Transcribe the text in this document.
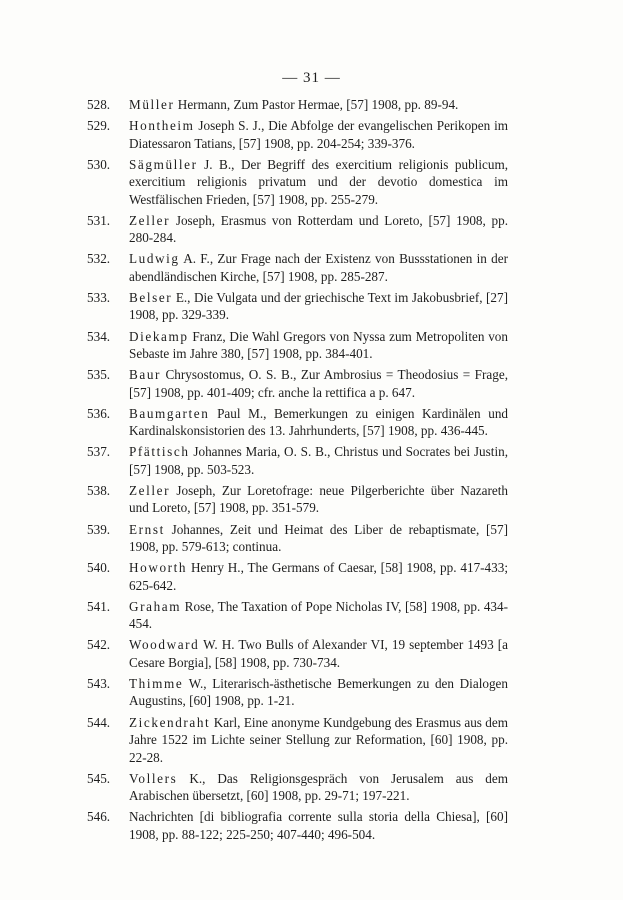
— 31 —
528.	Müller Hermann, Zum Pastor Hermae, [57] 1908, pp. 89-94.
529.	Hontheim Joseph S. J., Die Abfolge der evangelischen Perikopen im Diatessaron Tatians, [57] 1908, pp. 204-254; 339-376.
530.	Sägmüller J. B., Der Begriff des exercitium religionis publicum, exercitium religionis privatum und der devotio domestica im Westfälischen Frieden, [57] 1908, pp. 255-279.
531.	Zeller Joseph, Erasmus von Rotterdam und Loreto, [57] 1908, pp. 280-284.
532.	Ludwig A. F., Zur Frage nach der Existenz von Bussstationen in der abendländischen Kirche, [57] 1908, pp. 285-287.
533.	Belser E., Die Vulgata und der griechische Text im Jakobusbrief, [27] 1908, pp. 329-339.
534.	Diekamp Franz, Die Wahl Gregors von Nyssa zum Metropoliten von Sebaste im Jahre 380, [57] 1908, pp. 384-401.
535.	Baur Chrysostomus, O. S. B., Zur Ambrosius = Theodosius = Frage, [57] 1908, pp. 401-409; cfr. anche la rettifica a p. 647.
536.	Baumgarten Paul M., Bemerkungen zu einigen Kardinälen und Kardinalskonsistorien des 13. Jahrhunderts, [57] 1908, pp. 436-445.
537.	Pfättisch Johannes Maria, O. S. B., Christus und Socrates bei Justin, [57] 1908, pp. 503-523.
538.	Zeller Joseph, Zur Loretofrage: neue Pilgerberichte über Nazareth und Loreto, [57] 1908, pp. 351-579.
539.	Ernst Johannes, Zeit und Heimat des Liber de rebaptismate, [57] 1908, pp. 579-613; continua.
540.	Howorth Henry H., The Germans of Caesar, [58] 1908, pp. 417-433; 625-642.
541.	Graham Rose, The Taxation of Pope Nicholas IV, [58] 1908, pp. 434-454.
542.	Woodward W. H. Two Bulls of Alexander VI, 19 september 1493 [a Cesare Borgia], [58] 1908, pp. 730-734.
543.	Thimme W., Literarisch-ästhetische Bemerkungen zu den Dialogen Augustins, [60] 1908, pp. 1-21.
544.	Zickendraht Karl, Eine anonyme Kundgebung des Erasmus aus dem Jahre 1522 im Lichte seiner Stellung zur Reformation, [60] 1908, pp. 22-28.
545.	Vollers K., Das Religionsgespräch von Jerusalem aus dem Arabischen übersetzt, [60] 1908, pp. 29-71; 197-221.
546.	Nachrichten [di bibliografia corrente sulla storia della Chiesa], [60] 1908, pp. 88-122; 225-250; 407-440; 496-504.
